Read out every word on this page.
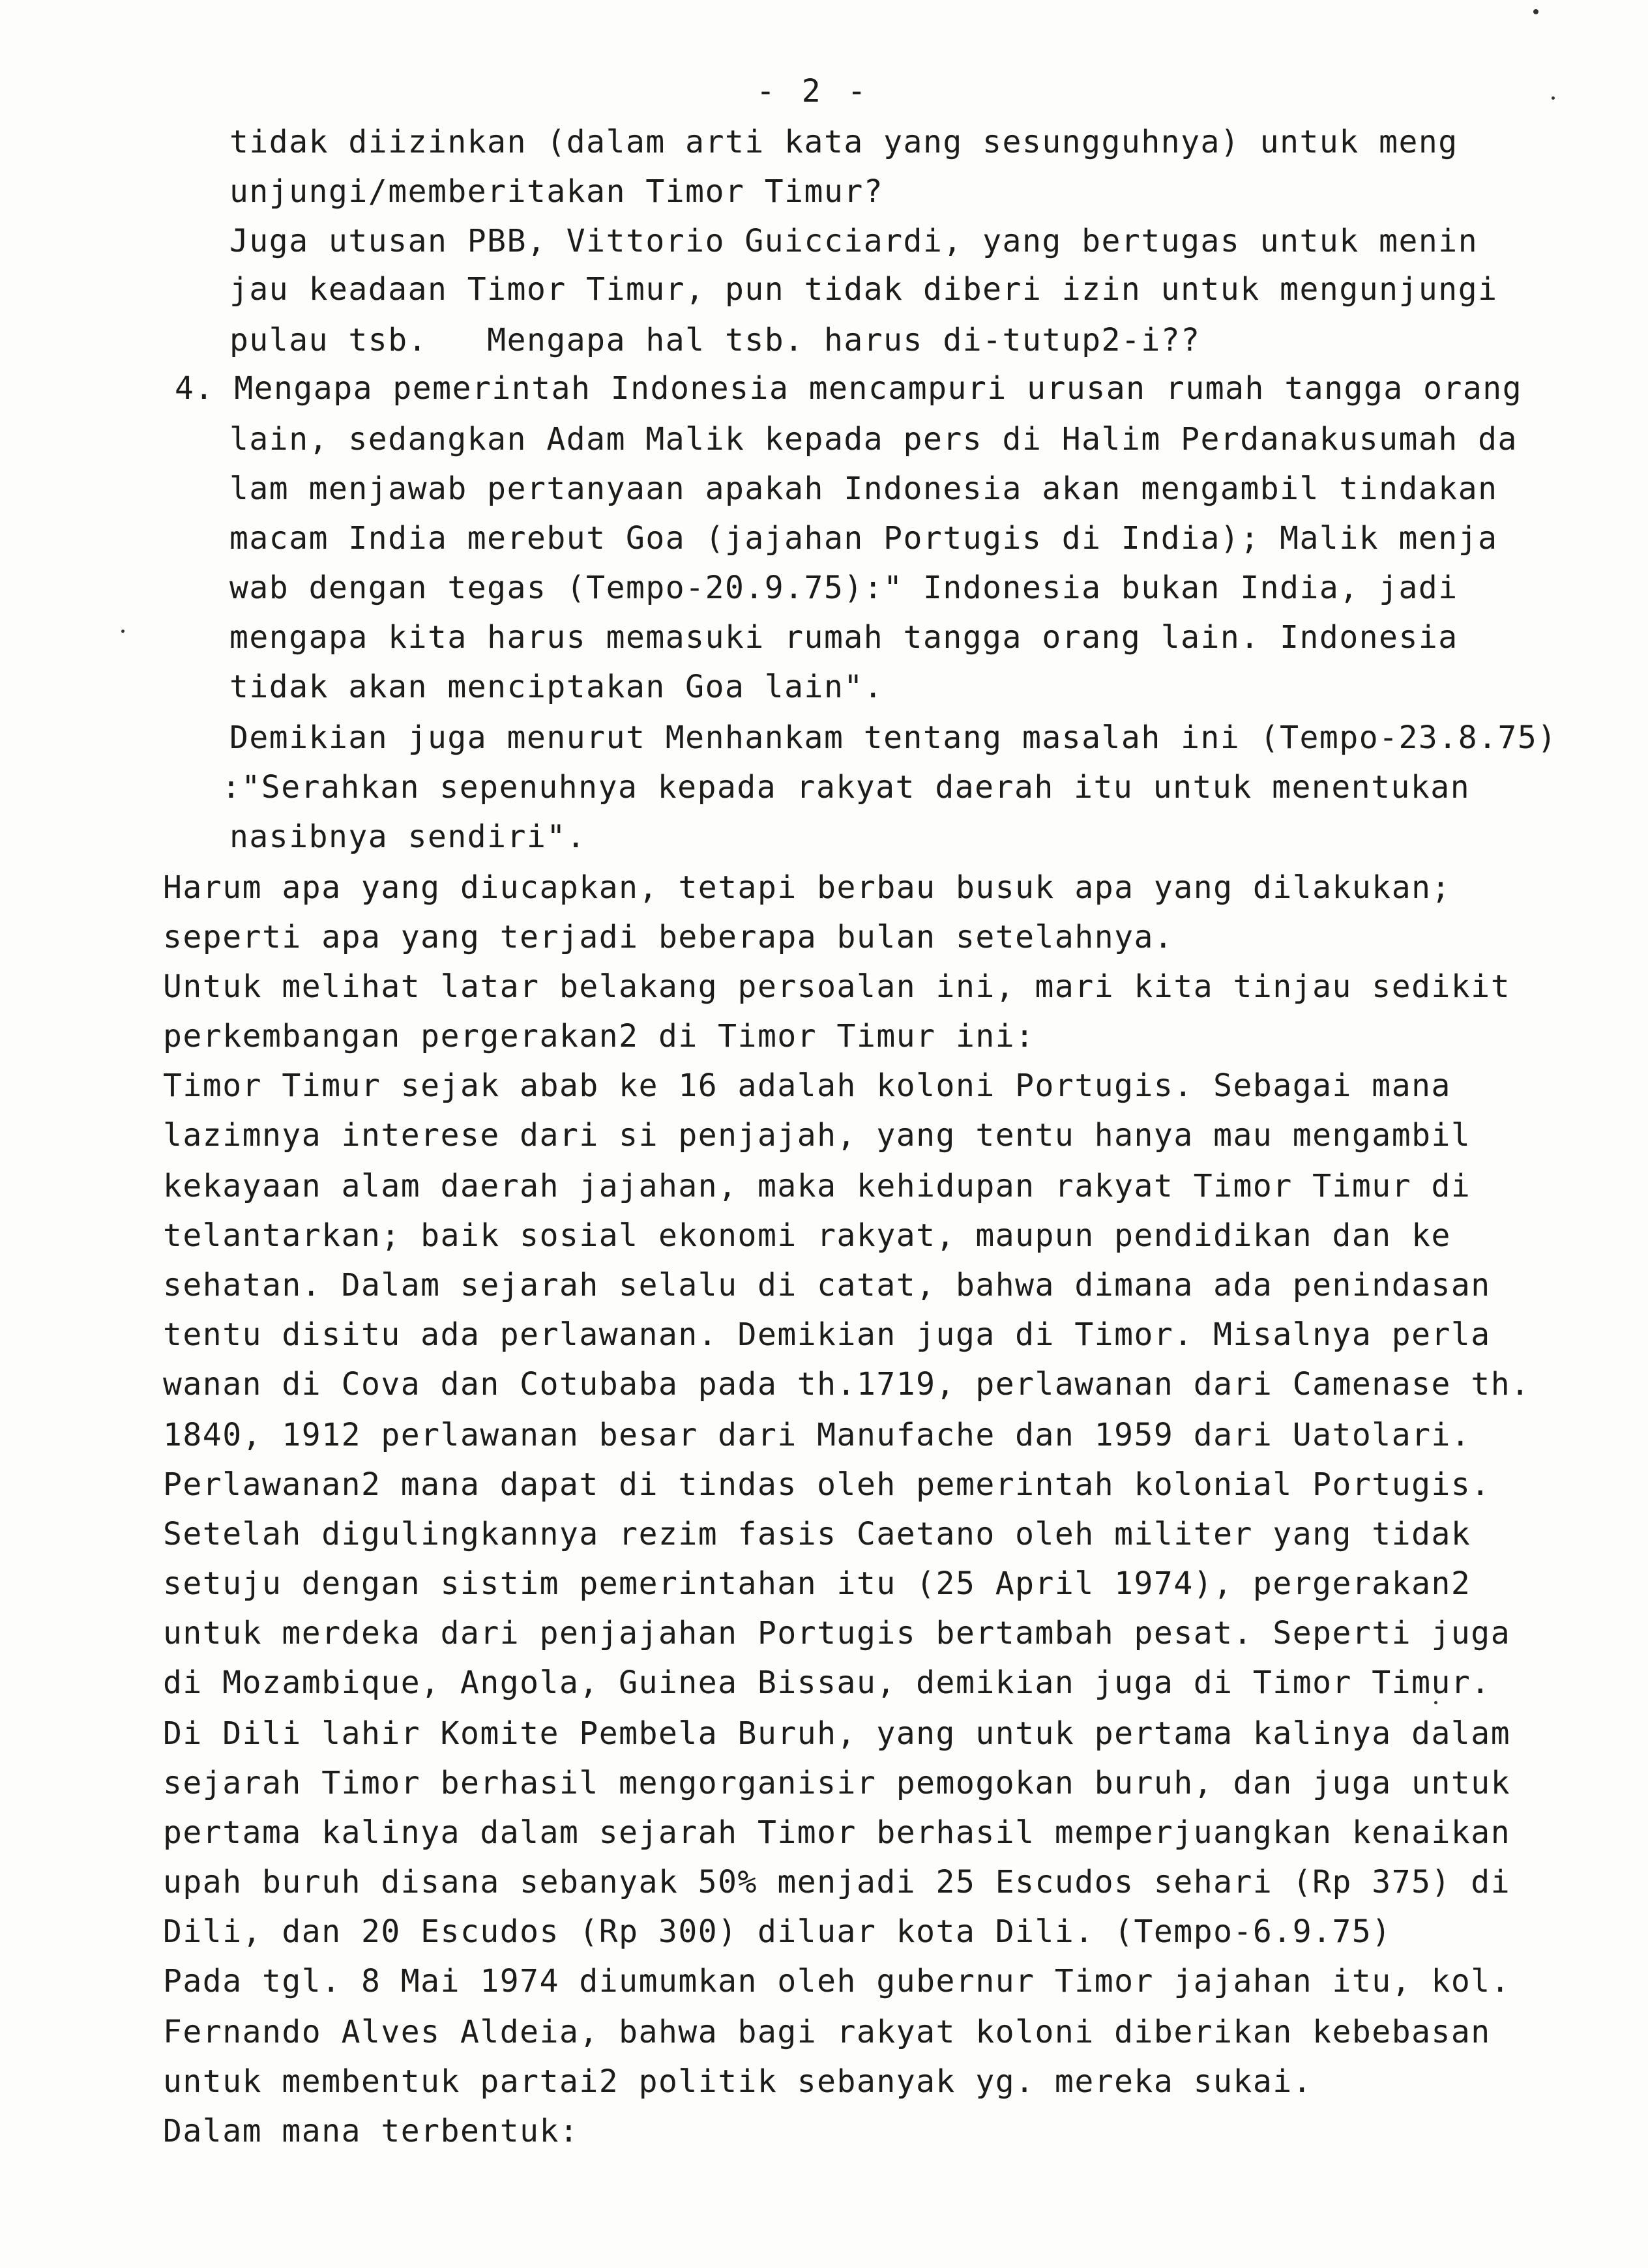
- 2 -
tidak diizinkan (dalam arti kata yang sesungguhnya) untuk meng
unjungi/memberitakan Timor Timur?
Juga utusan PBB, Vittorio Guicciardi, yang bertugas untuk menin
jau keadaan Timor Timur, pun tidak diberi izin untuk mengunjungi
pulau tsb.   Mengapa hal tsb. harus di-tutup2-i??
4. Mengapa pemerintah Indonesia mencampuri urusan rumah tangga orang
lain, sedangkan Adam Malik kepada pers di Halim Perdanakusumah da
lam menjawab pertanyaan apakah Indonesia akan mengambil tindakan
macam India merebut Goa (jajahan Portugis di India); Malik menja
wab dengan tegas (Tempo-20.9.75):" Indonesia bukan India, jadi
mengapa kita harus memasuki rumah tangga orang lain. Indonesia
tidak akan menciptakan Goa lain".
Demikian juga menurut Menhankam tentang masalah ini (Tempo-23.8.75)
:"Serahkan sepenuhnya kepada rakyat daerah itu untuk menentukan
nasibnya sendiri".
Harum apa yang diucapkan, tetapi berbau busuk apa yang dilakukan;
seperti apa yang terjadi beberapa bulan setelahnya.
Untuk melihat latar belakang persoalan ini, mari kita tinjau sedikit
perkembangan pergerakan2 di Timor Timur ini:
Timor Timur sejak abab ke 16 adalah koloni Portugis. Sebagai mana
lazimnya interese dari si penjajah, yang tentu hanya mau mengambil
kekayaan alam daerah jajahan, maka kehidupan rakyat Timor Timur di
telantarkan; baik sosial ekonomi rakyat, maupun pendidikan dan ke
sehatan. Dalam sejarah selalu di catat, bahwa dimana ada penindasan
tentu disitu ada perlawanan. Demikian juga di Timor. Misalnya perla
wanan di Cova dan Cotubaba pada th.1719, perlawanan dari Camenase th.
1840, 1912 perlawanan besar dari Manufache dan 1959 dari Uatolari.
Perlawanan2 mana dapat di tindas oleh pemerintah kolonial Portugis.
Setelah digulingkannya rezim fasis Caetano oleh militer yang tidak
setuju dengan sistim pemerintahan itu (25 April 1974), pergerakan2
untuk merdeka dari penjajahan Portugis bertambah pesat. Seperti juga
di Mozambique, Angola, Guinea Bissau, demikian juga di Timor Timur.
Di Dili lahir Komite Pembela Buruh, yang untuk pertama kalinya dalam
sejarah Timor berhasil mengorganisir pemogokan buruh, dan juga untuk
pertama kalinya dalam sejarah Timor berhasil memperjuangkan kenaikan
upah buruh disana sebanyak 50% menjadi 25 Escudos sehari (Rp 375) di
Dili, dan 20 Escudos (Rp 300) diluar kota Dili. (Tempo-6.9.75)
Pada tgl. 8 Mai 1974 diumumkan oleh gubernur Timor jajahan itu, kol.
Fernando Alves Aldeia, bahwa bagi rakyat koloni diberikan kebebasan
untuk membentuk partai2 politik sebanyak yg. mereka sukai.
Dalam mana terbentuk:
